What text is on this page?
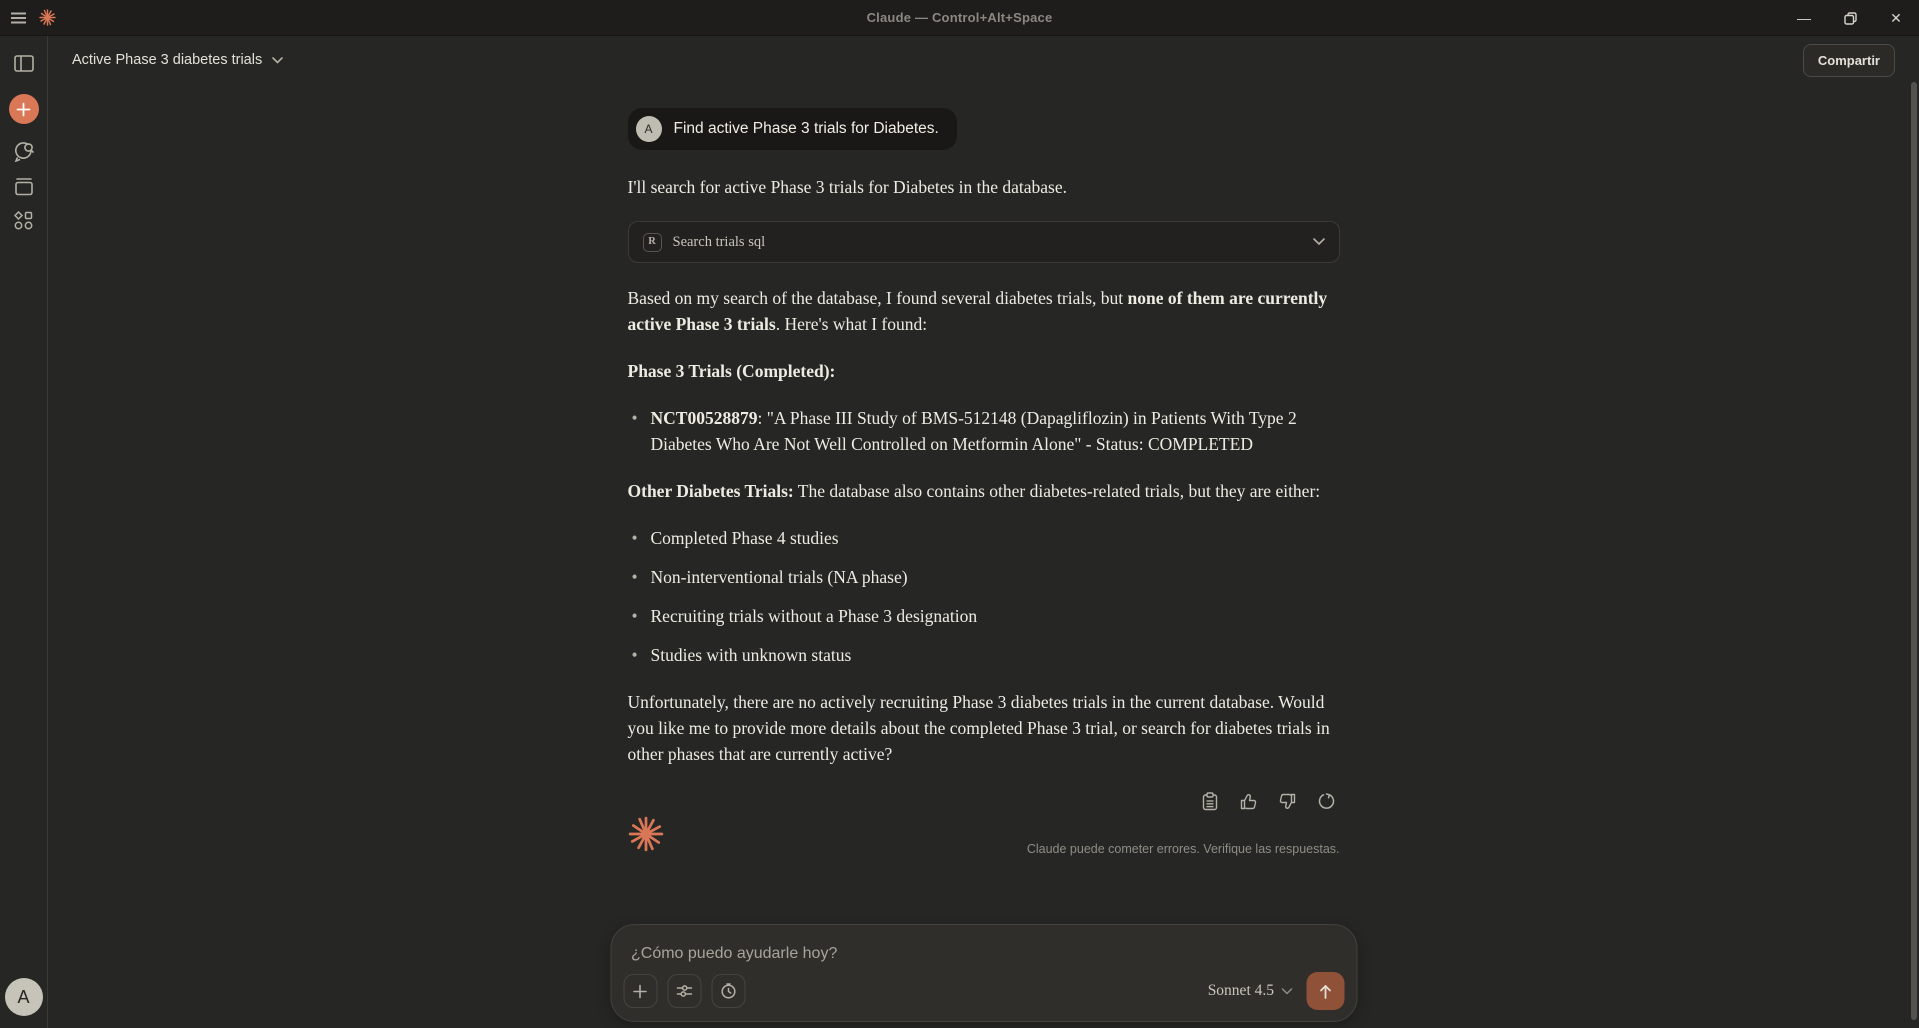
Claude — Control+Alt+Space	—	✕
A
Active Phase 3 diabetes trials	Compartir
A	Find active Phase 3 trials for Diabetes.

I'll search for active Phase 3 trials for Diabetes in the database.

R	Search trials sql

Based on my search of the database, I found several diabetes trials, but none of them are currently active Phase 3 trials. Here's what I found:

Phase 3 Trials (Completed):

• NCT00528879: "A Phase III Study of BMS-512148 (Dapagliflozin) in Patients With Type 2 Diabetes Who Are Not Well Controlled on Metformin Alone" - Status: COMPLETED

Other Diabetes Trials: The database also contains other diabetes-related trials, but they are either:

• Completed Phase 4 studies
• Non-interventional trials (NA phase)
• Recruiting trials without a Phase 3 designation
• Studies with unknown status

Unfortunately, there are no actively recruiting Phase 3 diabetes trials in the current database. Would you like me to provide more details about the completed Phase 3 trial, or search for diabetes trials in other phases that are currently active?

Claude puede cometer errores. Verifique las respuestas.
¿Cómo puedo ayudarle hoy?
Sonnet 4.5
